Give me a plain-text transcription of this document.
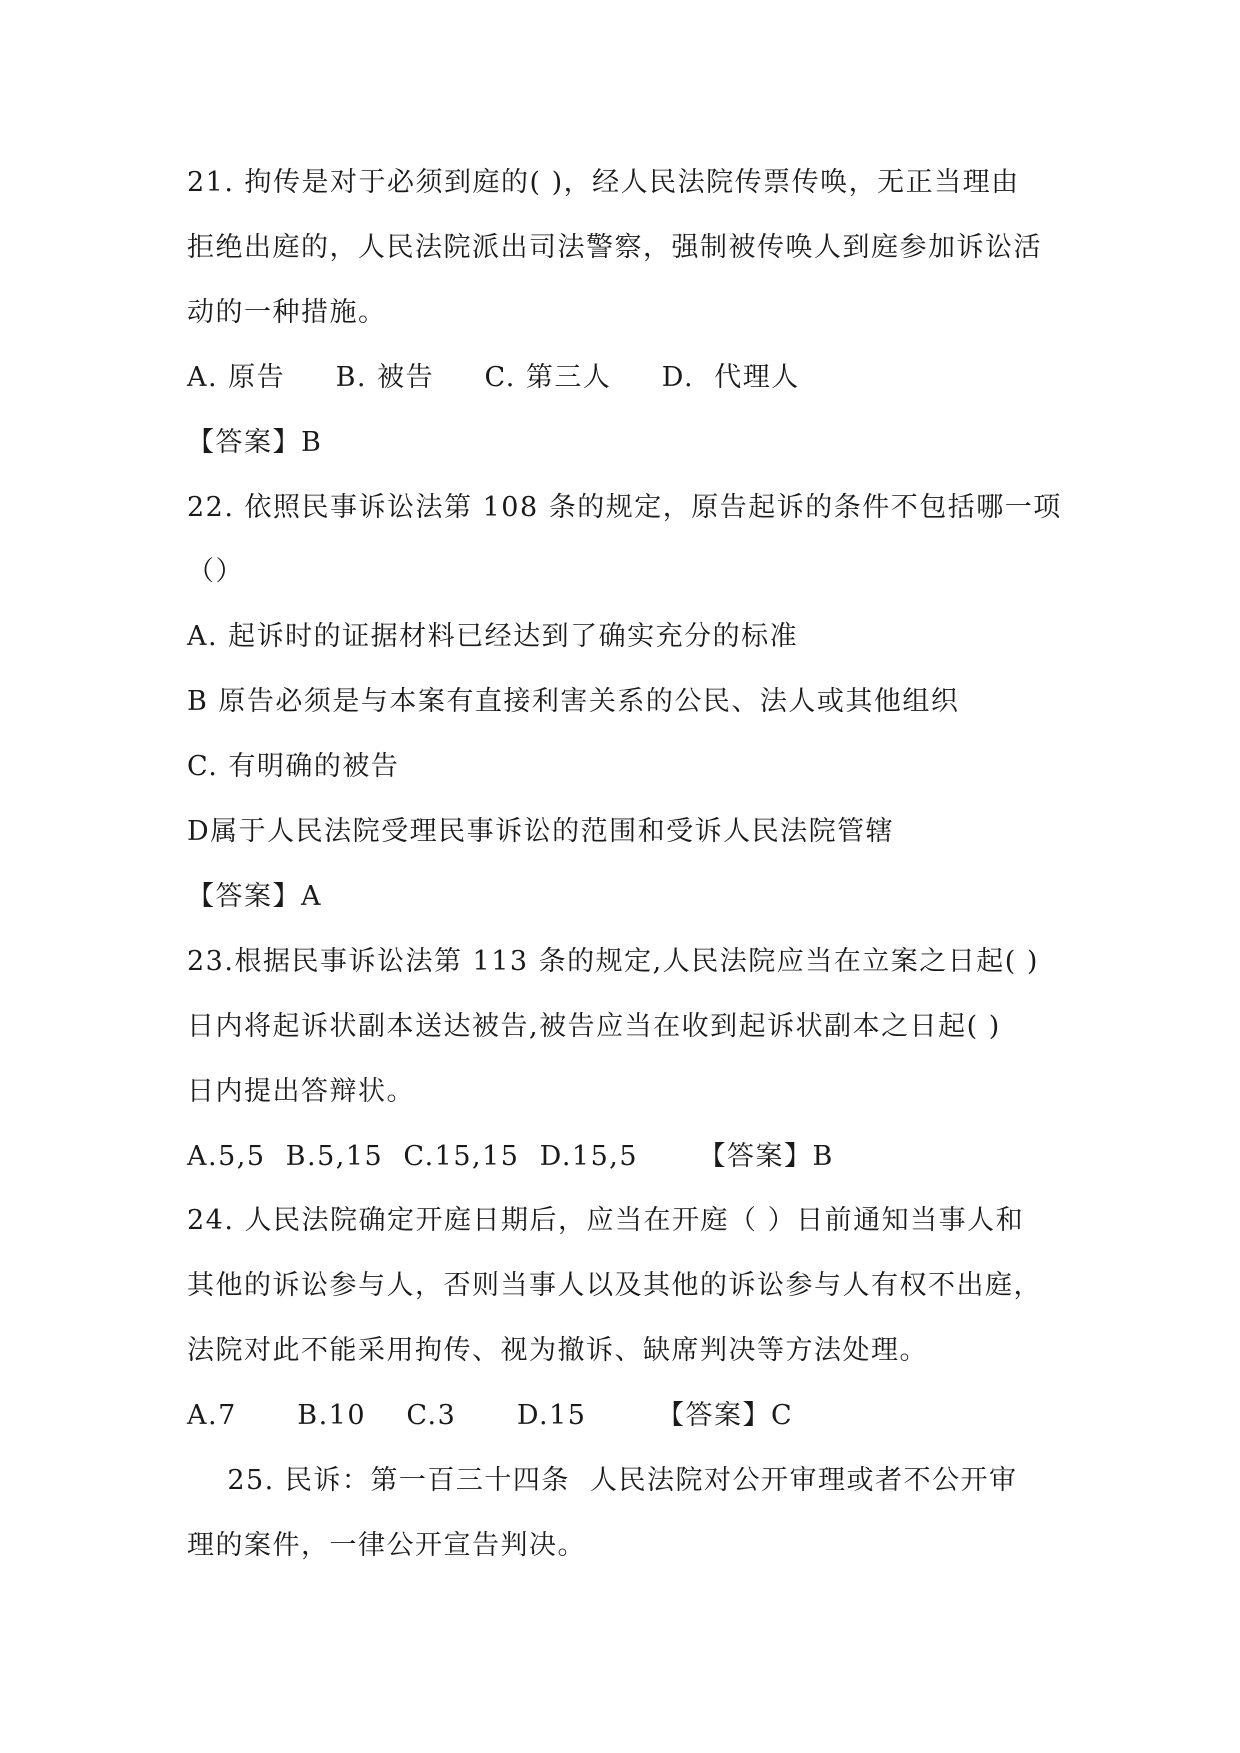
21. 拘传是对于必须到庭的( )，经人民法院传票传唤，无正当理由
拒绝出庭的，人民法院派出司法警察，强制被传唤人到庭参加诉讼活
动的一种措施。
A. 原告     B. 被告     C. 第三人     D.  代理人
【答案】B
22. 依照民事诉讼法第 108 条的规定，原告起诉的条件不包括哪一项
（）
A. 起诉时的证据材料已经达到了确实充分的标准
B 原告必须是与本案有直接利害关系的公民、法人或其他组织
C. 有明确的被告
D属于人民法院受理民事诉讼的范围和受诉人民法院管辖
【答案】A
23.根据民事诉讼法第 113 条的规定,人民法院应当在立案之日起( )
日内将起诉状副本送达被告,被告应当在收到起诉状副本之日起( )
日内提出答辩状。
A.5,5  B.5,15  C.15,15  D.15,5      【答案】B
24. 人民法院确定开庭日期后，应当在开庭（ ）日前通知当事人和
其他的诉讼参与人，否则当事人以及其他的诉讼参与人有权不出庭，
法院对此不能采用拘传、视为撤诉、缺席判决等方法处理。
A.7      B.10    C.3      D.15       【答案】C
25. 民诉：第一百三十四条  人民法院对公开审理或者不公开审
理的案件，一律公开宣告判决。
